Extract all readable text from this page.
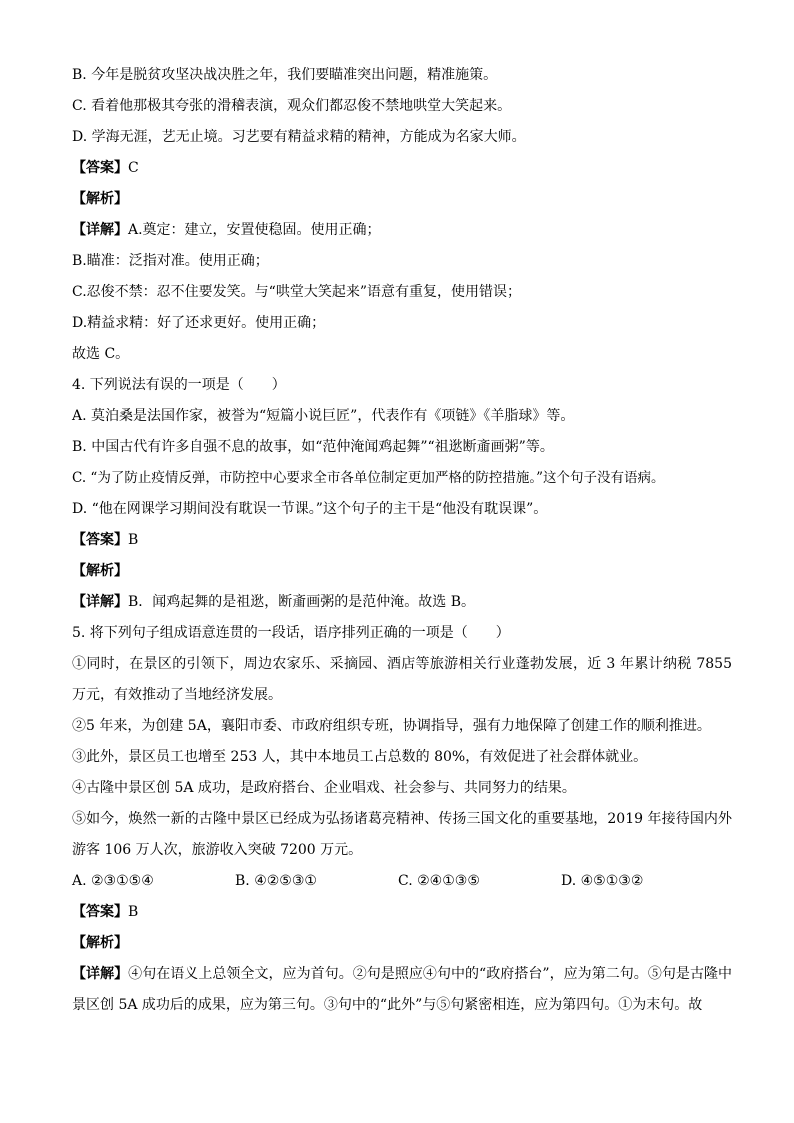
B. 今年是脱贫攻坚决战决胜之年，我们要瞄准突出问题，精准施策。
C. 看着他那极其夸张的滑稽表演，观众们都忍俊不禁地哄堂大笑起来。
D. 学海无涯，艺无止境。习艺要有精益求精的精神，方能成为名家大师。
【答案】C
【解析】
【详解】A.奠定：建立，安置使稳固。使用正确；
B.瞄准：泛指对准。使用正确；
C.忍俊不禁：忍不住要发笑。与“哄堂大笑起来”语意有重复，使用错误；
D.精益求精：好了还求更好。使用正确；
故选 C。
4. 下列说法有误的一项是（　　）
A. 莫泊桑是法国作家，被誉为“短篇小说巨匠”，代表作有《项链》《羊脂球》等。
B. 中国古代有许多自强不息的故事，如“范仲淹闻鸡起舞”“祖逖断齑画粥”等。
C. “为了防止疫情反弹，市防控中心要求全市各单位制定更加严格的防控措施。”这个句子没有语病。
D. “他在网课学习期间没有耽误一节课。”这个句子的主干是“他没有耽误课”。
【答案】B
【解析】
【详解】B．闻鸡起舞的是祖逖，断齑画粥的是范仲淹。故选 B。
5. 将下列句子组成语意连贯的一段话，语序排列正确的一项是（　　）
①同时，在景区的引领下，周边农家乐、采摘园、酒店等旅游相关行业蓬勃发展，近 3 年累计纳税 7855 万元，有效推动了当地经济发展。
②5 年来，为创建 5A，襄阳市委、市政府组织专班，协调指导，强有力地保障了创建工作的顺利推进。
③此外，景区员工也增至 253 人，其中本地员工占总数的 80%，有效促进了社会群体就业。
④古隆中景区创 5A 成功，是政府搭台、企业唱戏、社会参与、共同努力的结果。
⑤如今，焕然一新的古隆中景区已经成为弘扬诸葛亮精神、传扬三国文化的重要基地，2019 年接待国内外游客 106 万人次，旅游收入突破 7200 万元。
A. ②③①⑤④	B. ④②⑤③①	C. ②④①③⑤	D. ④⑤①③②
【答案】B
【解析】
【详解】④句在语义上总领全文，应为首句。②句是照应④句中的“政府搭台”，应为第二句。⑤句是古隆中景区创 5A 成功后的成果，应为第三句。③句中的“此外”与⑤句紧密相连，应为第四句。①为末句。故
